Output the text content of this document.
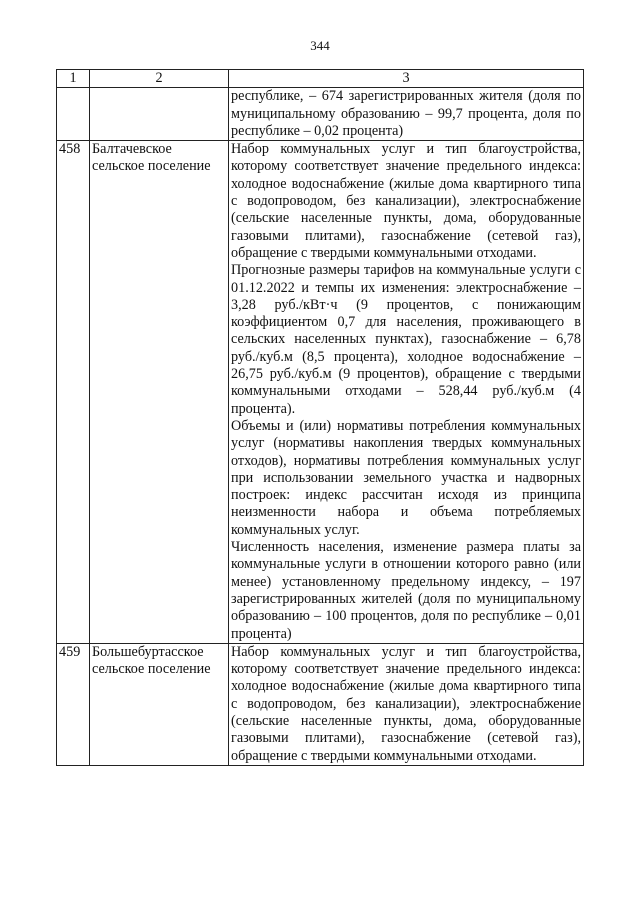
344
1	2	3

		республике, – 674 зарегистрированных жителя (доля по муниципальному образованию – 99,7 процента, доля по республике – 0,02 процента)

458	Балтачевское сельское поселение	Набор коммунальных услуг и тип благоустройства, которому соответствует значение предельного индекса: холодное водоснабжение (жилые дома квартирного типа с водопроводом, без канализации), электроснабжение (сельские населенные пункты, дома, оборудованные газовыми плитами), газоснабжение (сетевой газ), обращение с твердыми коммунальными отходами.

Прогнозные размеры тарифов на коммунальные услуги с 01.12.2022 и темпы их изменения: электроснабжение – 3,28 руб./кВт·ч (9 процентов, с понижающим коэффициентом 0,7 для населения, проживающего в сельских населенных пунктах), газоснабжение – 6,78 руб./куб.м (8,5 процента), холодное водоснабжение – 26,75 руб./куб.м (9 процентов), обращение с твердыми коммунальными отходами – 528,44 руб./куб.м (4 процента).

Объемы и (или) нормативы потребления коммунальных услуг (нормативы накопления твердых коммунальных отходов), нормативы потребления коммунальных услуг при использовании земельного участка и надворных построек: индекс рассчитан исходя из принципа неизменности набора и объема потребляемых коммунальных услуг.

Численность населения, изменение размера платы за коммунальные услуги в отношении которого равно (или менее) установленному предельному индексу, – 197 зарегистрированных жителей (доля по муниципальному образованию – 100 процентов, доля по республике – 0,01 процента)

459	Большебуртасское сельское поселение	Набор коммунальных услуг и тип благоустройства, которому соответствует значение предельного индекса: холодное водоснабжение (жилые дома квартирного типа с водопроводом, без канализации), электроснабжение (сельские населенные пункты, дома, оборудованные газовыми плитами), газоснабжение (сетевой газ), обращение с твердыми коммунальными отходами.
